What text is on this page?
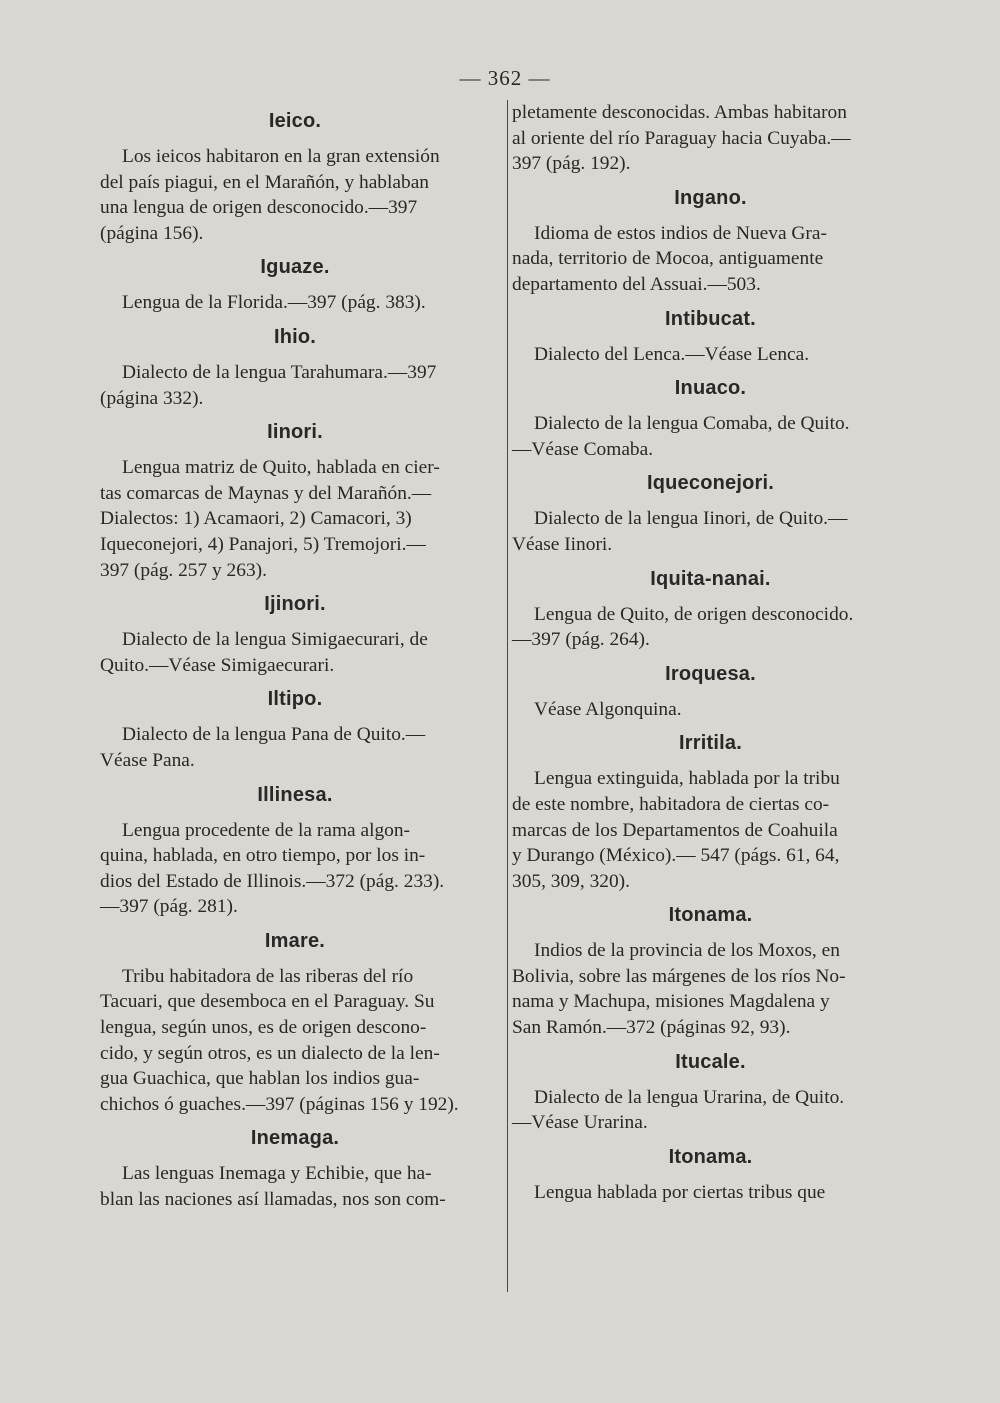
— 362 —
Ieico.
Los ieicos habitaron en la gran extensión
del país piagui, en el Marañón, y hablaban
una lengua de origen desconocido.—397
(página 156).
Iguaze.
Lengua de la Florida.—397 (pág. 383).
Ihio.
Dialecto de la lengua Tarahumara.—397
(página 332).
Iinori.
Lengua matriz de Quito, hablada en cier-
tas comarcas de Maynas y del Marañón.—
Dialectos: 1) Acamaori, 2) Camacori, 3)
Iqueconejori, 4) Panajori, 5) Tremojori.—
397 (pág. 257 y 263).
Ijinori.
Dialecto de la lengua Simigaecurari, de
Quito.—Véase Simigaecurari.
Iltipo.
Dialecto de la lengua Pana de Quito.—
Véase Pana.
Illinesa.
Lengua procedente de la rama algon-
quina, hablada, en otro tiempo, por los in-
dios del Estado de Illinois.—372 (pág. 233).
—397 (pág. 281).
Imare.
Tribu habitadora de las riberas del río
Tacuari, que desemboca en el Paraguay. Su
lengua, según unos, es de origen descono-
cido, y según otros, es un dialecto de la len-
gua Guachica, que hablan los indios gua-
chichos ó guaches.—397 (páginas 156 y 192).
Inemaga.
Las lenguas Inemaga y Echibie, que ha-
blan las naciones así llamadas, nos son com-
pletamente desconocidas. Ambas habitaron
al oriente del río Paraguay hacia Cuyaba.—
397 (pág. 192).
Ingano.
Idioma de estos indios de Nueva Gra-
nada, territorio de Mocoa, antiguamente
departamento del Assuai.—503.
Intibucat.
Dialecto del Lenca.—Véase Lenca.
Inuaco.
Dialecto de la lengua Comaba, de Quito.
—Véase Comaba.
Iqueconejori.
Dialecto de la lengua Iinori, de Quito.—
Véase Iinori.
Iquita-nanai.
Lengua de Quito, de origen desconocido.
—397 (pág. 264).
Iroquesa.
Véase Algonquina.
Irritila.
Lengua extinguida, hablada por la tribu
de este nombre, habitadora de ciertas co-
marcas de los Departamentos de Coahuila
y Durango (México).— 547 (págs. 61, 64,
305, 309, 320).
Itonama.
Indios de la provincia de los Moxos, en
Bolivia, sobre las márgenes de los ríos No-
nama y Machupa, misiones Magdalena y
San Ramón.—372 (páginas 92, 93).
Itucale.
Dialecto de la lengua Urarina, de Quito.
—Véase Urarina.
Itonama.
Lengua hablada por ciertas tribus que
